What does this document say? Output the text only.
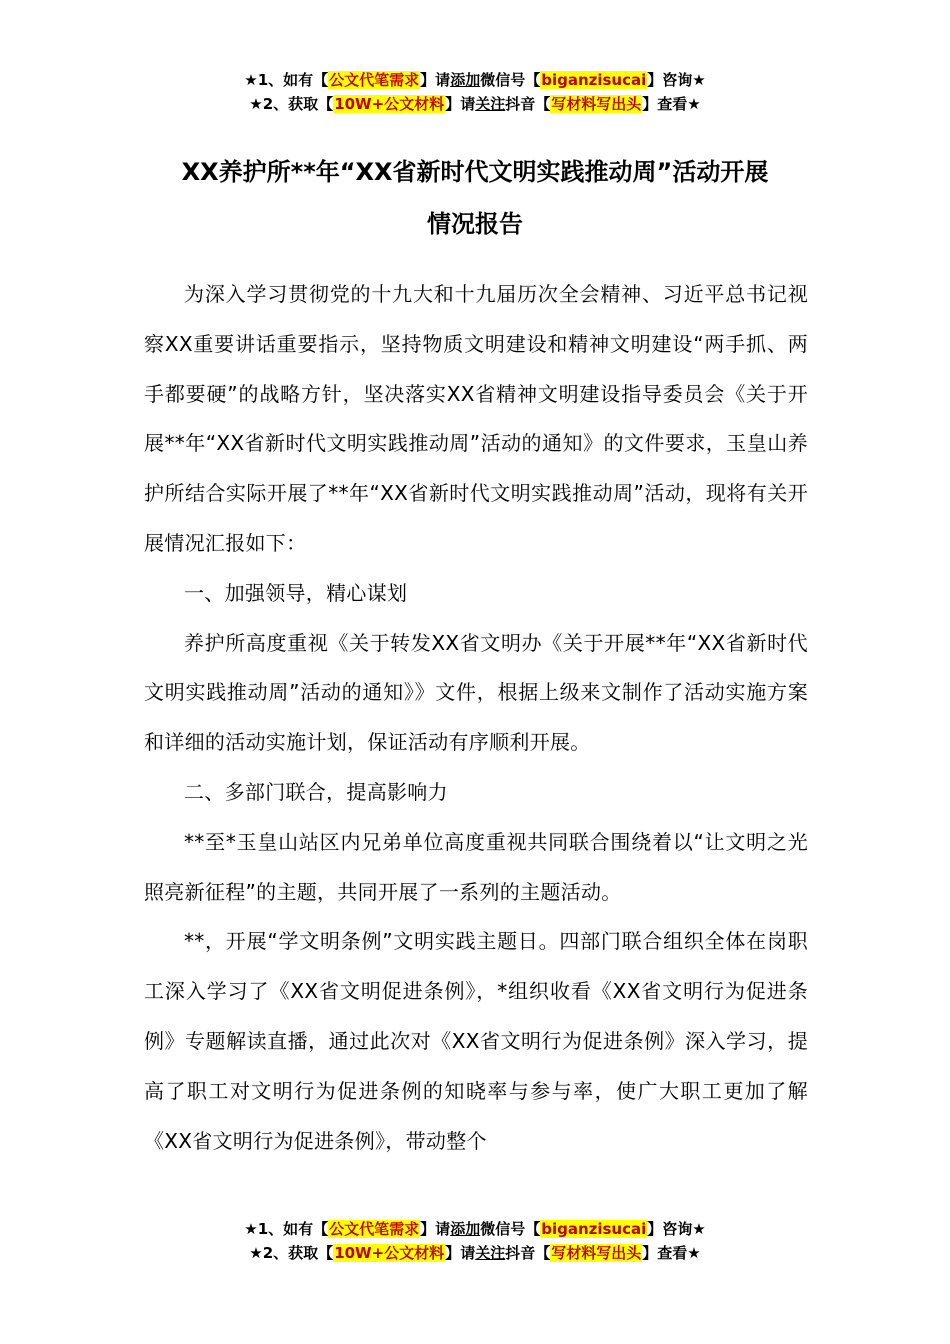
★1、如有【公文代笔需求】请添加微信号【biganzisucai】咨询★
★2、获取【10W+公文材料】请关注抖音【写材料写出头】查看★
XX养护所**年“XX省新时代文明实践推动周”活动开展
情况报告

为深入学习贯彻党的十九大和十九届历次全会精神、习近平总书记视察XX重要讲话重要指示，坚持物质文明建设和精神文明建设“两手抓、两手都要硬”的战略方针，坚决落实XX省精神文明建设指导委员会《关于开展**年“XX省新时代文明实践推动周”活动的通知》的文件要求，玉皇山养护所结合实际开展了**年“XX省新时代文明实践推动周”活动，现将有关开展情况汇报如下：

一、加强领导，精心谋划

养护所高度重视《关于转发XX省文明办《关于开展**年“XX省新时代文明实践推动周”活动的通知》》文件，根据上级来文制作了活动实施方案和详细的活动实施计划，保证活动有序顺利开展。

二、多部门联合，提高影响力

**至*玉皇山站区内兄弟单位高度重视共同联合围绕着以“让文明之光照亮新征程”的主题，共同开展了一系列的主题活动。

**，开展“学文明条例”文明实践主题日。四部门联合组织全体在岗职工深入学习了《XX省文明促进条例》，*组织收看《XX省文明行为促进条例》专题解读直播，通过此次对《XX省文明行为促进条例》深入学习，提高了职工对文明行为促进条例的知晓率与参与率，使广大职工更加了解《XX省文明行为促进条例》，带动整个

★1、如有【公文代笔需求】请添加微信号【biganzisucai】咨询★
★2、获取【10W+公文材料】请关注抖音【写材料写出头】查看★
